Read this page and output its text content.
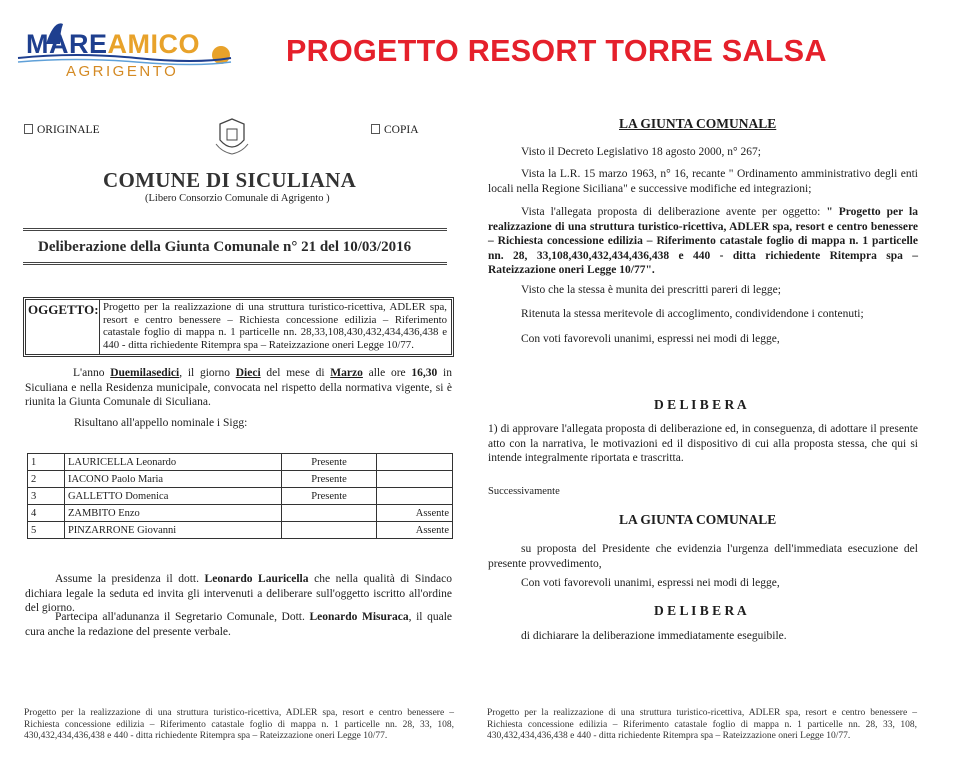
MAREAMICO
AGRIGENTO
PROGETTO RESORT TORRE SALSA
ORIGINALE	COPIA
COMUNE DI SICULIANA
(Libero Consorzio Comunale di Agrigento )
Deliberazione della Giunta Comunale n° 21 del 10/03/2016
OGGETTO: Progetto per la realizzazione di una struttura turistico-ricettiva, ADLER spa, resort e centro benessere – Richiesta concessione edilizia – Riferimento catastale foglio di mappa n. 1 particelle nn. 28,33,108,430,432,434,436,438 e 440 - ditta richiedente Ritempra spa – Rateizzazione oneri Legge 10/77.
L'anno Duemilasedici, il giorno Dieci del mese di Marzo alle ore 16,30 in Siculiana e nella Residenza municipale, convocata nel rispetto della normativa vigente, si è riunita la Giunta Comunale di Siculiana.
Risultano all'appello nominale i Sigg:
1	LAURICELLA Leonardo	Presente	
2	IACONO Paolo Maria	Presente	
3	GALLETTO Domenica	Presente	
4	ZAMBITO Enzo		Assente
5	PINZARRONE Giovanni		Assente
Assume la presidenza il dott. Leonardo Lauricella che nella qualità di Sindaco dichiara legale la seduta ed invita gli intervenuti a deliberare sull'oggetto iscritto all'ordine del giorno.
Partecipa all'adunanza il Segretario Comunale, Dott. Leonardo Misuraca, il quale cura anche la redazione del presente verbale.
Progetto per la realizzazione di una struttura turistico-ricettiva, ADLER spa, resort e centro benessere – Richiesta concessione edilizia – Riferimento catastale foglio di mappa n. 1 particelle nn. 28, 33, 108, 430,432,434,436,438 e 440 - ditta richiedente Ritempra spa – Rateizzazione oneri Legge 10/77.
LA GIUNTA COMUNALE
Visto il Decreto Legislativo 18 agosto 2000, n° 267;
Vista la L.R. 15 marzo 1963, n° 16, recante " Ordinamento amministrativo degli enti locali nella Regione Siciliana" e successive modifiche ed integrazioni;
Vista l'allegata proposta di deliberazione avente per oggetto: " Progetto per la realizzazione di una struttura turistico-ricettiva, ADLER spa, resort e centro benessere – Richiesta concessione edilizia – Riferimento catastale foglio di mappa n. 1 particelle nn. 28, 33,108,430,432,434,436,438 e 440 - ditta richiedente Ritempra spa – Rateizzazione oneri Legge 10/77".
Visto che la stessa è munita dei prescritti pareri di legge;
Ritenuta la stessa meritevole di accoglimento, condividendone i contenuti;
Con voti favorevoli unanimi, espressi nei modi di legge,
D E L I B E R A
1) di approvare l'allegata proposta di deliberazione ed, in conseguenza, di adottare il presente atto con la narrativa, le motivazioni ed il dispositivo di cui alla proposta stessa, che qui si intende integralmente riportata e trascritta.
Successivamente
LA GIUNTA COMUNALE
su proposta del Presidente che evidenzia l'urgenza dell'immediata esecuzione del presente provvedimento,
Con voti favorevoli unanimi, espressi nei modi di legge,
D E L I B E R A
di dichiarare la deliberazione immediatamente eseguibile.
Progetto per la realizzazione di una struttura turistico-ricettiva, ADLER spa, resort e centro benessere – Richiesta concessione edilizia – Riferimento catastale foglio di mappa n. 1 particelle nn. 28, 33, 108, 430,432,434,436,438 e 440 - ditta richiedente Ritempra spa – Rateizzazione oneri Legge 10/77.
